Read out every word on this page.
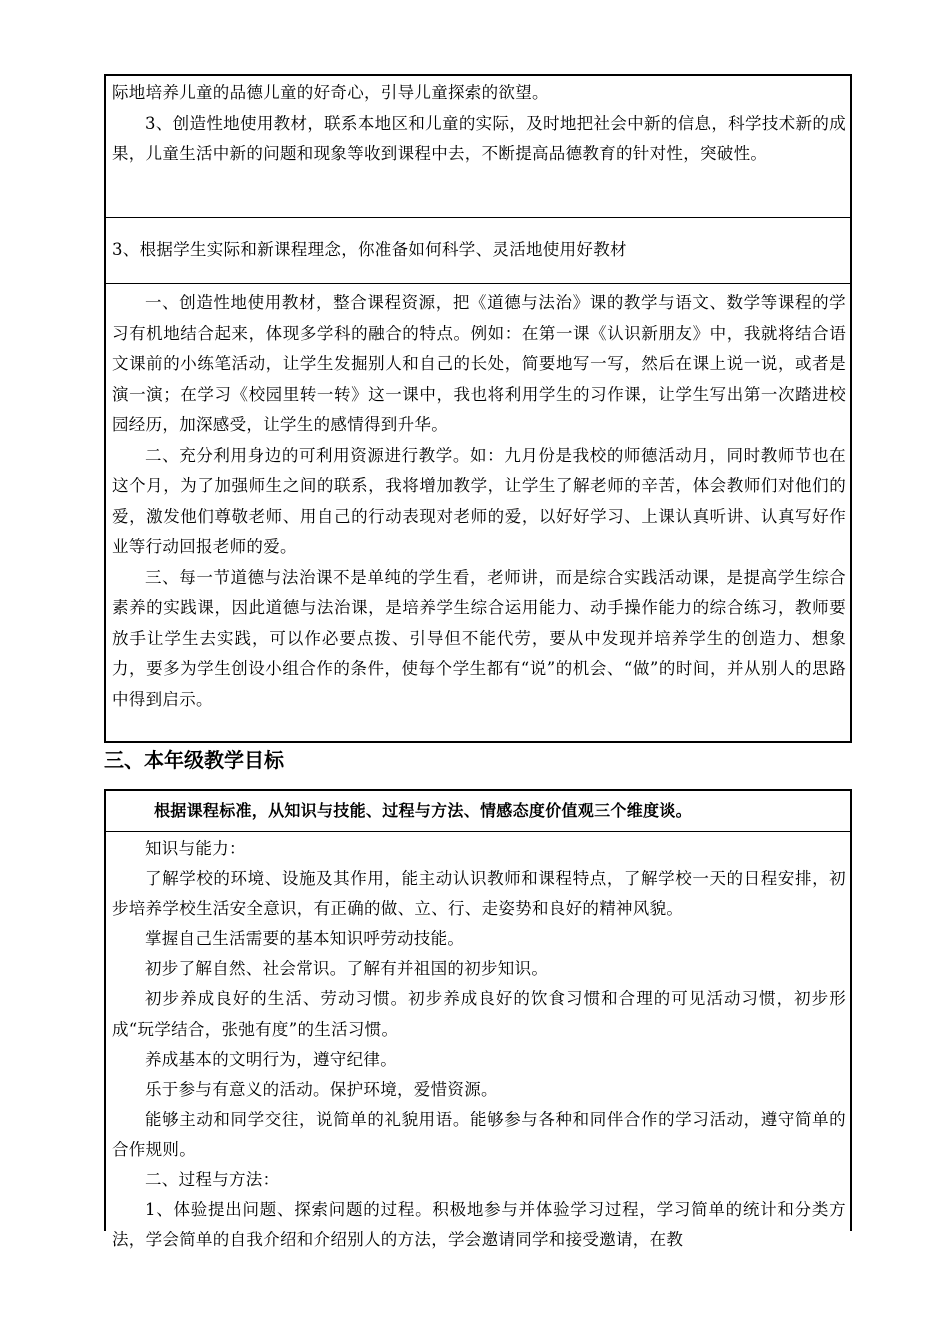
际地培养儿童的品德儿童的好奇心，引导儿童探索的欲望。

3、创造性地使用教材，联系本地区和儿童的实际，及时地把社会中新的信息，科学技术新的成果，儿童生活中新的问题和现象等收到课程中去，不断提高品德教育的针对性，突破性。

3、根据学生实际和新课程理念，你准备如何科学、灵活地使用好教材

一、创造性地使用教材，整合课程资源，把《道德与法治》课的教学与语文、数学等课程的学习有机地结合起来，体现多学科的融合的特点。例如：在第一课《认识新朋友》中，我就将结合语文课前的小练笔活动，让学生发掘别人和自己的长处，简要地写一写，然后在课上说一说，或者是演一演；在学习《校园里转一转》这一课中，我也将利用学生的习作课，让学生写出第一次踏进校园经历，加深感受，让学生的感情得到升华。

二、充分利用身边的可利用资源进行教学。如：九月份是我校的师德活动月，同时教师节也在这个月，为了加强师生之间的联系，我将增加教学，让学生了解老师的辛苦，体会教师们对他们的爱，激发他们尊敬老师、用自己的行动表现对老师的爱，以好好学习、上课认真听讲、认真写好作业等行动回报老师的爱。

三、每一节道德与法治课不是单纯的学生看，老师讲，而是综合实践活动课，是提高学生综合素养的实践课，因此道德与法治课，是培养学生综合运用能力、动手操作能力的综合练习，教师要放手让学生去实践，可以作必要点拨、引导但不能代劳，要从中发现并培养学生的创造力、想象力，要多为学生创设小组合作的条件，使每个学生都有“说”的机会、“做”的时间，并从别人的思路中得到启示。

三、本年级教学目标

根据课程标准，从知识与技能、过程与方法、情感态度价值观三个维度谈。

知识与能力：

了解学校的环境、设施及其作用，能主动认识教师和课程特点，了解学校一天的日程安排，初步培养学校生活安全意识，有正确的做、立、行、走姿势和良好的精神风貌。

掌握自己生活需要的基本知识呼劳动技能。

初步了解自然、社会常识。了解有并祖国的初步知识。

初步养成良好的生活、劳动习惯。初步养成良好的饮食习惯和合理的可见活动习惯，初步形成“玩学结合，张弛有度”的生活习惯。

养成基本的文明行为，遵守纪律。

乐于参与有意义的活动。保护环境，爱惜资源。

能够主动和同学交往，说简单的礼貌用语。能够参与各种和同伴合作的学习活动，遵守简单的合作规则。

二、过程与方法：

1、体验提出问题、探索问题的过程。积极地参与并体验学习过程，学习简单的统计和分类方法，学会简单的自我介绍和介绍别人的方法，学会邀请同学和接受邀请，在教
